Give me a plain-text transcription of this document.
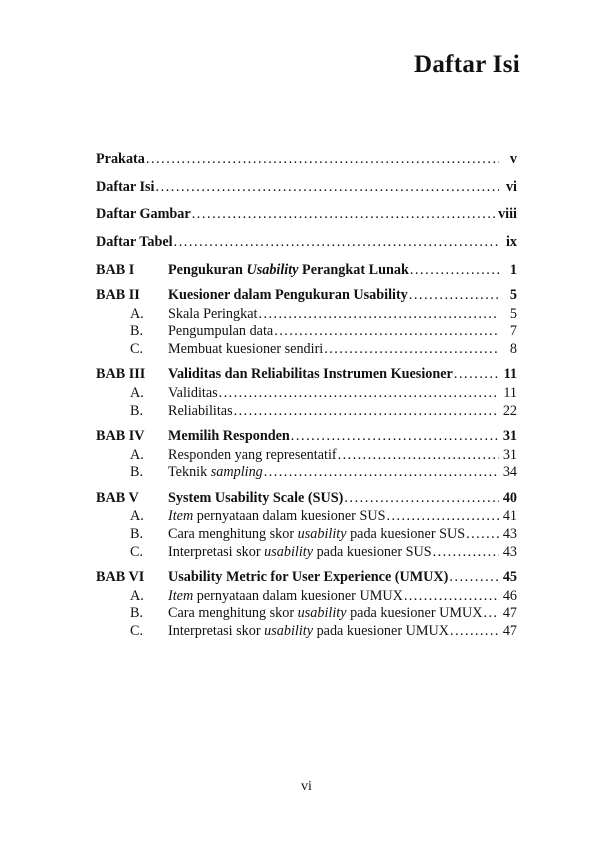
Daftar Isi
Prakata .....	v
Daftar Isi .....	vi
Daftar Gambar .....	viii
Daftar Tabel .....	ix
BAB I	Pengukuran Usability Perangkat Lunak .....	1
BAB II	Kuesioner dalam Pengukuran Usability .....	5
A.	Skala Peringkat .....	5
B.	Pengumpulan data .....	7
C.	Membuat kuesioner sendiri .....	8
BAB III	Validitas dan Reliabilitas Instrumen Kuesioner .....	11
A.	Validitas .....	11
B.	Reliabilitas .....	22
BAB IV	Memilih Responden .....	31
A.	Responden yang representatif .....	31
B.	Teknik sampling .....	34
BAB V	System Usability Scale (SUS) .....	40
A.	Item pernyataan dalam kuesioner SUS .....	41
B.	Cara menghitung skor usability pada kuesioner SUS .....	43
C.	Interpretasi skor usability pada kuesioner SUS .....	43
BAB VI	Usability Metric for User Experience (UMUX) .....	45
A.	Item pernyataan dalam kuesioner UMUX .....	46
B.	Cara menghitung skor usability pada kuesioner UMUX ..... 47
C.	Interpretasi skor usability pada kuesioner UMUX .....	47
vi
